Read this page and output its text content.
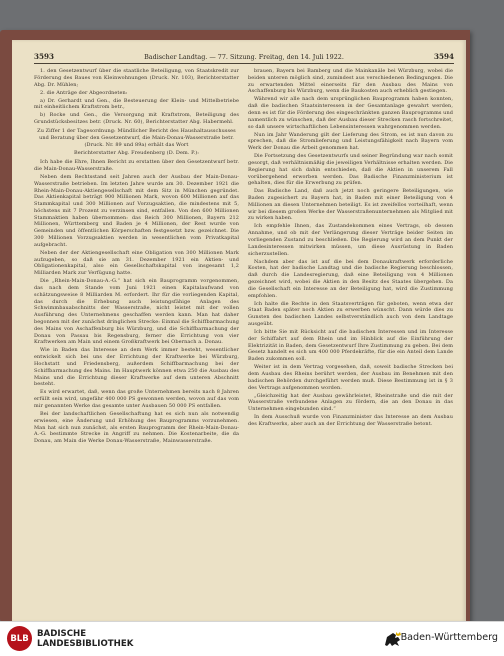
3593	Badischer Landtag. — 77. Sitzung. Freitag, den 14. Juli 1922.	3594

1. den Gesetzentwurf über die staatliche Beteiligung, von Staatskredit zur Förderung des Baues von Kleinwohnungen (Druck. Nr. 103), Berichterstatter Abg. Dr. Mühlen;

2. die Anträge der Abgeordneten:

a) Dr. Gerhardt und Gen., die Besteuerung der Klein- und Mittelbetriebe mit einheitlichem Kraftstrom betr.,

b) Rocke und Gen., die Versorgung mit Kraftstrom, Beteiligung des Grundstücksbesitzes betr. (Druck. Nr. 60), Berichterstatter Abg. Habermehl.

Zu Ziffer 1 der Tagesordnung: Mündlicher Bericht des Haushaltausschusses und Beratung über den Gesetzentwurf, die Main-Donau-Wasserstraße betr. (Druck. Nr. 89 und 89a) erhält das Wort

Berichterstatter Abg. Freudenberg (D. Dem. P.):

Ich habe die Ehre, Ihnen Bericht zu erstatten über den Gesetzentwurf betr. die Main-Donau-Wasserstraße.

Neben dem Rechtsstand seit Jahren auch der Ausbau der Main-Donau-Wasserstraße betrieben. Im letzten Jahre wurde am 30. Dezember 1921 die Rhein-Main-Donau-Aktiengesellschaft mit dem Sitz in München gegründet. Das Aktienkapital beträgt 900 Millionen Mark, wovon 600 Millionen auf das Stammkapital und 300 Millionen auf Vorzugsaktien, die mindestens mit 5, höchstens mit 7 Prozent zu verzinsen sind, entfallen. Von den 600 Millionen Stammaktien haben übernommen: das Reich 300 Millionen, Bayern 212 Millionen, Württemberg und Baden je 4 Millionen, der Rest wurde von Gemeinden und öffentlichen Körperschaften festgesetzt bzw. gezeichnet. Die 300 Millionen Vorzugsaktien werden in wesentlichen vom Privatkapital aufgebracht.

Neben der der Aktiengesellschaft eine Obligation von 300 Millionen Mark aufzugeben, so daß sie am 31. Dezember 1921 ein Aktien- und Obligationenkapital, also ein Gesellschaftskapital von insgesamt 1,2 Milliarden Mark zur Verfügung hatte.

Die „Rhein-Main-Donau-A.-G.“ hat sich ein Bauprogramm vorgenommen, das nach dem Stande vom Juni 1921 einen Kapitalaufwand von schätzungsweise 8 Milliarden M. erfordert. Ihr für die vorliegenden Kapital, das durch die Erhebung auch leistungsfähige Anlagen des Schwimmbauabschnitts der Wasserstraße, nicht leistet mit der vollen Ausführung des Unternehmens geschaffen werden kann. Man hat daher begonnen mit der zunächst dringlichen Strecke: Einmal die Schiffbarmachung des Mains von Aschaffenburg bis Würzburg, und die Schiffbarmachung der Donau von Passau bis Regensburg, ferner die Errichtung von vier Kraftwerken am Main und einem Großkraftwerk bei Obernach a. Donau.

Wie in Baden das Interesse an dem Werk immer besteht, wesentlicher entwickelt sich bei uns der Errichtung der Kraftwerke bei Würzburg, Hochstatt und Friedensberg, außerdem Schiffbarmachung bei der Schiffbarmachung des Mains. Im Hauptwerk können etwa 250 die Ausbau des Mains und die Errichtung dieser Kraftwerke auf dem unteren Abschnitt besteht.

Es wird erwartet, daß, wenn das große Unternehmen bereits nach 8 Jahren erfüllt sein wird, ungefähr 400 000 PS gewonnen werden, wovon auf das vom mir genannten Werke das gesamte unter Ausbauen 50 000 PS entfallen.

Bei der landschaftlichen Gesellschaftung hat es sich nun als notwendig erwiesen, eine Änderung und Erhöhung des Bauprogramms vorzunehmen. Man hat sich nun zunächst, als ersten Bauprogramm der Rhein-Main-Donau-A.-G. bestimmte Strecke in Angriff zu nehmen. Die Kostenarbeite, die da Donau, am Main die Werke Donau-Wasserstraße, Mainwasserstraße.

brauen, Bayern bei Bamberg und die Mainkanäle bei Würzburg, wobei die beiden unteren möglich sind, zumindest aus verschiedenen Bedingungen. Die zu erwartenden Mittel einerseits für den Ausbau des Mains von Aschaffenburg bis Würzburg, wenn die Baukosten auch erheblich gestiegen.

Während wir alle nach dem ursprünglichen Bauprogramm haben konnten, daß die badischen Staatsinteressen in der Gesamtanlage gewahrt werden, denn es ist für die Förderung des eingeschränkten ganzen Bauprogramms und namentlich zu wünschen, daß der Ausbau dieser Strecken rasch fortschreitet, so daß unsere wirtschaftlichen Lebensinteressen wahrgenommen werden.

Nun im Jahr Wanderung gilt der Lieferung des Strom, es ist nun davon zu sprechen, daß die Stromlieferung und Leistungsfähigkeit nach Bayern vom Werk der Donau die Arbeit genommen hat.

Die Fortsetzung des Gesetzentwurfs und seiner Begründung war nach somit gesorgt, daß verhältnismäßig die jeweiligen Verhältnisse erhalten werden. Die Regierung hat sich dahin entschieden, daß die Aktien in unserem Fall vorübergehend erworben werden. Das Badische Finanzministerium ist gehalten, dies für die Erwerbung zu prüfen.

Das Badische Land, daß auch jetzt noch geringere Beteiligungen, wie Baden zugesichert zu Bayern hat, in Baden mit einer Beteiligung von 4 Millionen an diesen Unternehmen beteiligt. Es ist zweifellos vorteilhaft, wenn wir bei diesem großen Werke der Wasserstraßenunternehmen als Mitglied mit zu wirken haben.

Ich empfehle Ihnen, das Zustandekommen eines Vertrags, ob dessen Annahme, und ob mit der Verlängerung dieser Verträge beider Seiten im vorliegenden Zustand zu beschließen. Die Regierung wird an dem Punkt der Landesinteressen mitwirken müssen, um diese Ausrüstung in Baden sicherzustellen.

Nachdem aber das ist auf die bei dem Donaukraftwerk erforderliche Kosten, hat der badische Landtag und die badische Regierung beschlossen, daß durch die Landesregierung, daß eine Beteiligung von 4 Millionen gezeichnet wird, wobei die Aktien in den Besitz des Staates übergehen. Da die Gesellschaft ein Interesse an der Beteiligung hat, wird die Zustimmung empfohlen.

Ich halte die Rechte in den Staatsverträgen für geboten, wenn etwa der Staat Baden später noch Aktien zu erwerben wünscht. Dann würde dies zu Gunsten des badischen Landes selbstverständlich auch von dem Landtage ausgeübt.

Ich bitte Sie mit Rücksicht auf die badischen Interessen und im Interesse der Schiffahrt auf dem Rhein und im Hinblick auf die Einführung der Elektrizität in Baden, dem Gesetzentwurf Ihre Zustimmung zu geben. Bei dem Gesetz handelt es sich um 400 000 Pferdekräfte, für die ein Anteil dem Lande Baden zukommen soll.

Weiter ist in dem Vertrag vorgesehen, daß, soweit badische Strecken bei dem Ausbau des Rheins berührt werden, der Ausbau im Benehmen mit den badischen Behörden durchgeführt werden muß. Diese Bestimmung ist in § 3 des Vertrags aufgenommen worden.

„Gleichzeitig hat der Ausbau gewährleistet, Rheinstraße und die mit der Wasserstraße verbundene Anlagen zu fördern, die an den Donau in das Unternehmen eingebunden sind.“

In dem Ausschuß wurde von Finanzminister das Interesse an dem Ausbau des Kraftwerks, aber auch an der Errichtung der Wasserstraße betont.

BLB BADISCHE
LANDESBIBLIOTHEK
Baden-Württemberg
